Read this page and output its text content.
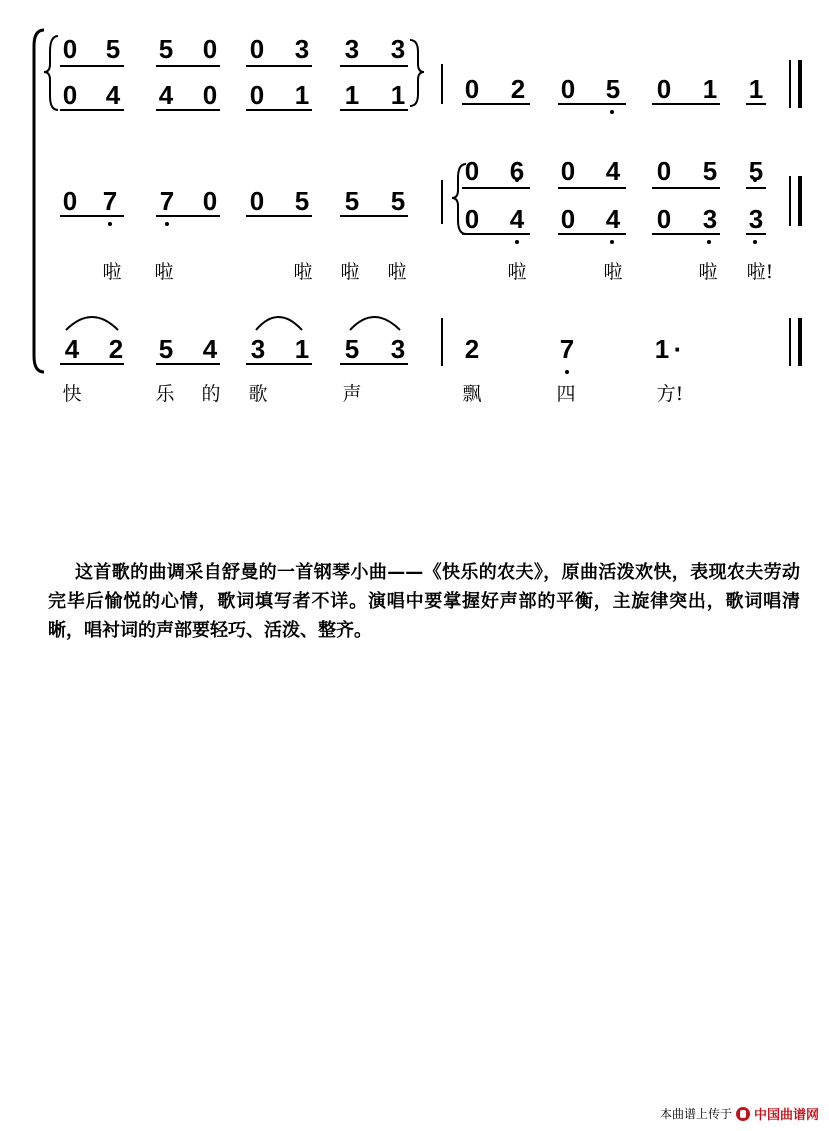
0 5 5 0 0 3 3 3
0 2 0 5 0 1 1
0 4 4 0 0 1 1 1
0 7 7 0 0 5 5 5
0 6 0 4 0 5 5
0 4 0 4 0 3 3
啦	啦	啦	啦	啦	啦	啦	啦	啦!
4 2 5 4 3 1 5 3 2	7	1 ·
快	乐	的	歌	声	飘	四	方!

这首歌的曲调采自舒曼的一首钢琴小曲——《快乐的农夫》，原曲活泼欢快，表现农夫劳动完毕后愉悦的心情，歌词填写者不详。演唱中要掌握好声部的平衡，主旋律突出，歌词唱清晰，唱衬词的声部要轻巧、活泼、整齐。

本曲谱上传于 中国曲谱网
